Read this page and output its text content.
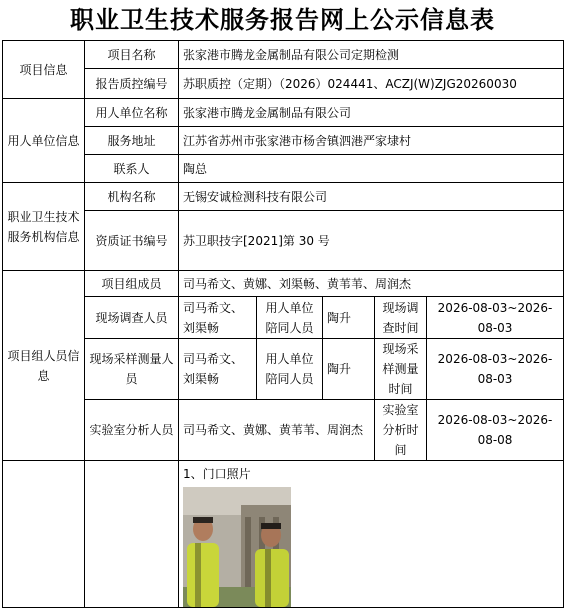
职业卫生技术服务报告网上公示信息表
项目信息	项目名称	张家港市腾龙金属制品有限公司定期检测				
	报告质控编号	苏职质控（定期）（2026）024441、ACZJ(W)ZJG20260030				
用人单位信息	用人单位名称	张家港市腾龙金属制品有限公司				
	服务地址	江苏省苏州市张家港市杨舍镇泗港严家埭村				
	联系人	陶总				
职业卫生技术服务机构信息	机构名称	无锡安诚检测科技有限公司				
	资质证书编号	苏卫职技字[2021]第 30 号				
项目组人员信息	项目组成员	司马希文、黄娜、刘渠畅、黄苇苇、周润杰				
	现场调查人员	司马希文、刘渠畅	用人单位陪同人员	陶升	现场调查时间	2026-08-03~2026-08-03
	现场采样测量人员	司马希文、刘渠畅	用人单位陪同人员	陶升	现场采样测量时间	2026-08-03~2026-08-03
	实验室分析人员	司马希文、黄娜、黄苇苇、周润杰			实验室分析时间	2026-08-03~2026-08-08

		1、门口照片				
